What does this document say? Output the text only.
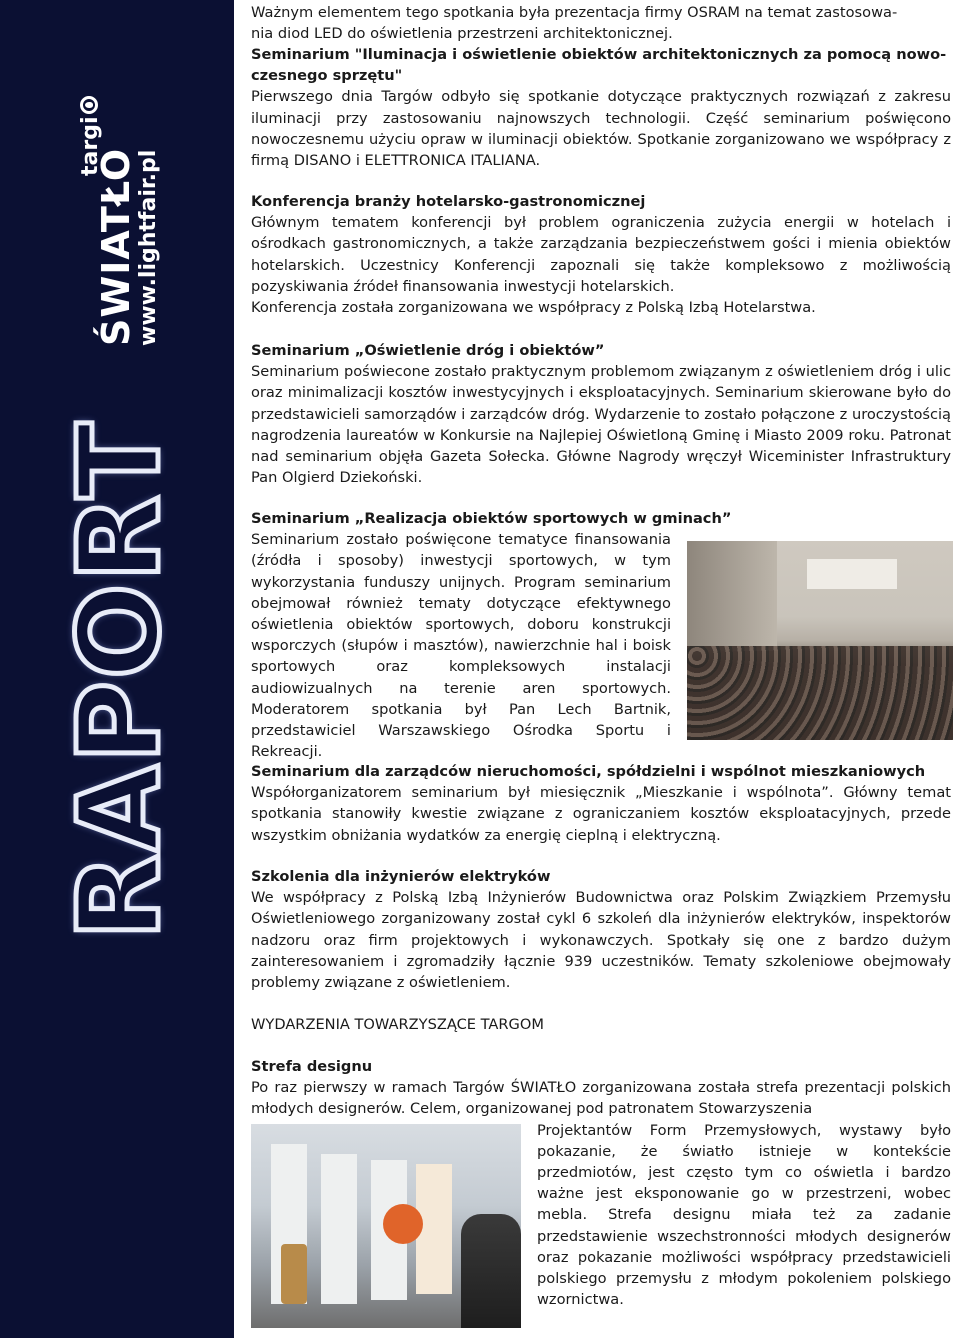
targi
ŚWIATŁO
www.lightfair.pl
RAPORT

Ważnym elementem tego spotkania była prezentacja firmy OSRAM na temat zastosowa-

nia diod LED do oświetlenia przestrzeni architektonicznej.

Seminarium "Iluminacja i oświetlenie obiektów architektonicznych za pomocą nowo-czesnego sprzętu"

Pierwszego dnia Targów odbyło się spotkanie dotyczące praktycznych rozwiązań z zakresu iluminacji przy zastosowaniu najnowszych technologii. Część seminarium poświęcono nowoczesnemu użyciu opraw w iluminacji obiektów. Spotkanie zorganizowano we współpracy z firmą DISANO i ELETTRONICA ITALIANA.

Konferencja branży hotelarsko-gastronomicznej

Głównym tematem konferencji był problem ograniczenia zużycia energii w hotelach i ośrodkach gastronomicznych, a także zarządzania bezpieczeństwem gości i mienia obiektów hotelarskich. Uczestnicy Konferencji zapoznali się także kompleksowo z możliwością pozyskiwania źródeł finansowania inwestycji hotelarskich.

Konferencja została zorganizowana we współpracy z Polską Izbą Hotelarstwa.

Seminarium „Oświetlenie dróg i obiektów”

Seminarium poświecone zostało praktycznym problemom związanym z oświetleniem dróg i ulic oraz minimalizacji kosztów inwestycyjnych i eksploatacyjnych. Seminarium skierowane było do przedstawicieli samorządów i zarządców dróg. Wydarzenie to zostało połączone z uroczystością nagrodzenia laureatów w Konkursie na Najlepiej Oświetloną Gminę i Miasto 2009 roku. Patronat nad seminarium objęła Gazeta Sołecka. Główne Nagrody wręczył Wiceminister Infrastruktury Pan Olgierd Dziekoński.

Seminarium „Realizacja obiektów sportowych w gminach”

Seminarium zostało poświęcone tematyce finansowania (źródła i sposoby) inwestycji sportowych, w tym wykorzystania funduszy unijnych. Program seminarium obejmował również tematy dotyczące efektywnego oświetlenia obiektów sportowych, doboru konstrukcji wsporczych (słupów i masztów), nawierzchnie hal i boisk sportowych oraz kompleksowych instalacji audiowizualnych na terenie aren sportowych. Moderatorem spotkania był Pan Lech Bartnik, przedstawiciel Warszawskiego Ośrodka Sportu i Rekreacji.

Seminarium dla zarządców nieruchomości, spółdzielni i wspólnot mieszkaniowych

Współorganizatorem seminarium był miesięcznik „Mieszkanie i wspólnota”. Główny temat spotkania stanowiły kwestie związane z ograniczaniem kosztów eksploatacyjnych, przede wszystkim obniżania wydatków za energię cieplną i elektryczną.

Szkolenia dla inżynierów elektryków

We współpracy z Polską Izbą Inżynierów Budownictwa oraz Polskim Związkiem Przemysłu Oświetleniowego zorganizowany został cykl 6 szkoleń dla inżynierów elektryków, inspektorów nadzoru oraz firm projektowych i wykonawczych. Spotkały się one z bardzo dużym zainteresowaniem i zgromadziły łącznie 939 uczestników. Tematy szkoleniowe obejmowały problemy związane z oświetleniem.

WYDARZENIA TOWARZYSZĄCE TARGOM

Strefa designu

Po raz pierwszy w ramach Targów ŚWIATŁO zorganizowana została strefa prezentacji polskich młodych designerów. Celem, organizowanej pod patronatem Stowarzyszenia

Projektantów Form Przemysłowych, wystawy było pokazanie, że światło istnieje w kontekście przedmiotów, jest często tym co oświetla i bardzo ważne jest eksponowanie go w przestrzeni, wobec mebla. Strefa designu miała też za zadanie przedstawienie wszechstronności młodych designerów oraz pokazanie możliwości współpracy przedstawicieli polskiego przemysłu z młodym pokoleniem polskiego wzornictwa.
